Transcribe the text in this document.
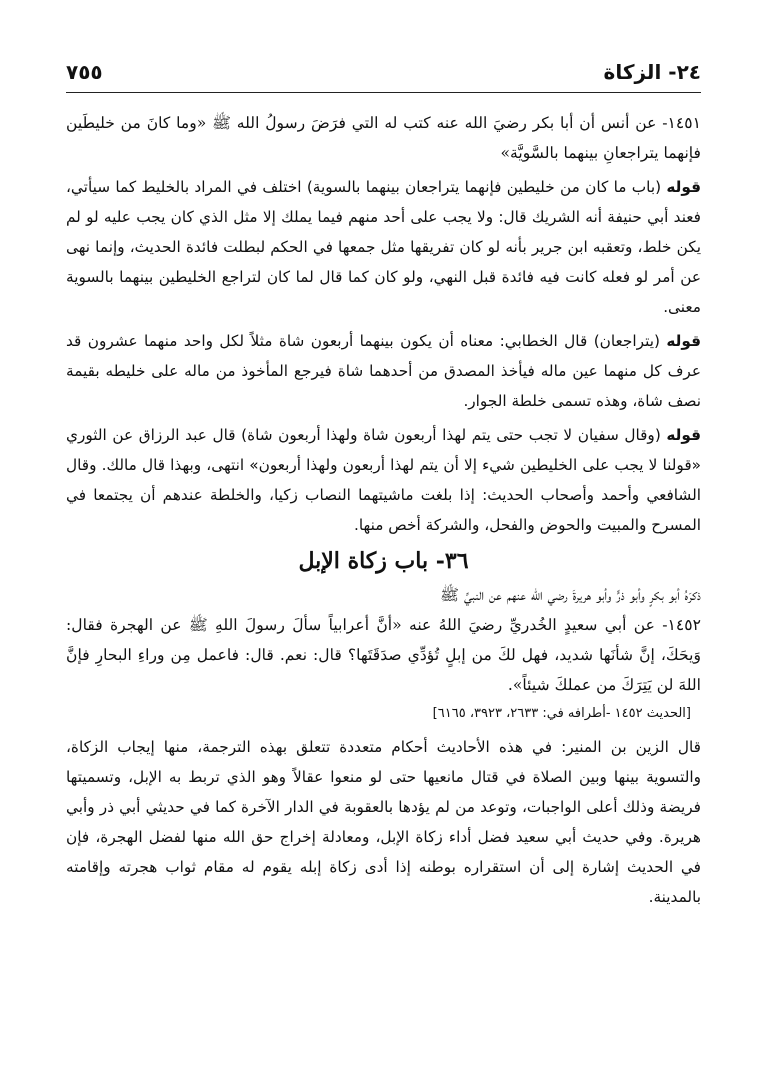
٢٤- الزكاة
٧٥٥

١٤٥١- عن أنس أن أبا بكر رضيَ الله عنه كتب له التي فرَضَ رسولُ الله ﷺ «وما كانَ من خليطَين فإنهما يتراجعانِ بينهما بالسَّويَّة»

قوله (باب ما كان من خليطين فإنهما يتراجعان بينهما بالسوية) اختلف في المراد بالخليط كما سيأتي، فعند أبي حنيفة أنه الشريك قال: ولا يجب على أحد منهم فيما يملك إلا مثل الذي كان يجب عليه لو لم يكن خلط، وتعقبه ابن جرير بأنه لو كان تفريقها مثل جمعها في الحكم لبطلت فائدة الحديث، وإنما نهى عن أمر لو فعله كانت فيه فائدة قبل النهي، ولو كان كما قال لما كان لتراجع الخليطين بينهما بالسوية معنى.

قوله (يتراجعان) قال الخطابي: معناه أن يكون بينهما أربعون شاة مثلاً لكل واحد منهما عشرون قد عرف كل منهما عين ماله فيأخذ المصدق من أحدهما شاة فيرجع المأخوذ من ماله على خليطه بقيمة نصف شاة، وهذه تسمى خلطة الجوار.

قوله (وقال سفيان لا تجب حتى يتم لهذا أربعون شاة ولهذا أربعون شاة) قال عبد الرزاق عن الثوري «قولنا لا يجب على الخليطين شيء إلا أن يتم لهذا أربعون ولهذا أربعون» انتهى، وبهذا قال مالك. وقال الشافعي وأحمد وأصحاب الحديث: إذا بلغت ماشيتهما النصاب زكيا، والخلطة عندهم أن يجتمعا في المسرح والمبيت والحوض والفحل، والشركة أخص منها.

٣٦- باب زكاة الإبل

ذكرَهُ أبو بكرٍ وأبو ذرٍّ وأبو هريرةَ رضي الله عنهم عن النبيِّ ﷺ

١٤٥٢- عن أبي سعيدٍ الخُدريِّ رضيَ اللهُ عنه «أنَّ أعرابياً سألَ رسولَ اللهِ ﷺ عن الهجرة فقال: وَيحَكَ، إنَّ شأنَها شديد، فهل لكَ من إبلٍ تُؤدِّي صدَقَتَها؟ قال: نعم. قال: فاعمل مِن وراءِ البحارِ فإنَّ اللهَ لن يَتِرَكَ من عملكَ شيئاً».

[الحديث ١٤٥٢ -أطرافه في: ٢٦٣٣، ٣٩٢٣، ٦١٦٥]

قال الزين بن المنير: في هذه الأحاديث أحكام متعددة تتعلق بهذه الترجمة، منها إيجاب الزكاة، والتسوية بينها وبين الصلاة في قتال مانعيها حتى لو منعوا عقالاً وهو الذي تربط به الإبل، وتسميتها فريضة وذلك أعلى الواجبات، وتوعد من لم يؤدها بالعقوبة في الدار الآخرة كما في حديثي أبي ذر وأبي هريرة. وفي حديث أبي سعيد فضل أداء زكاة الإبل، ومعادلة إخراج حق الله منها لفضل الهجرة، فإن في الحديث إشارة إلى أن استقراره بوطنه إذا أدى زكاة إبله يقوم له مقام ثواب هجرته وإقامته بالمدينة.
